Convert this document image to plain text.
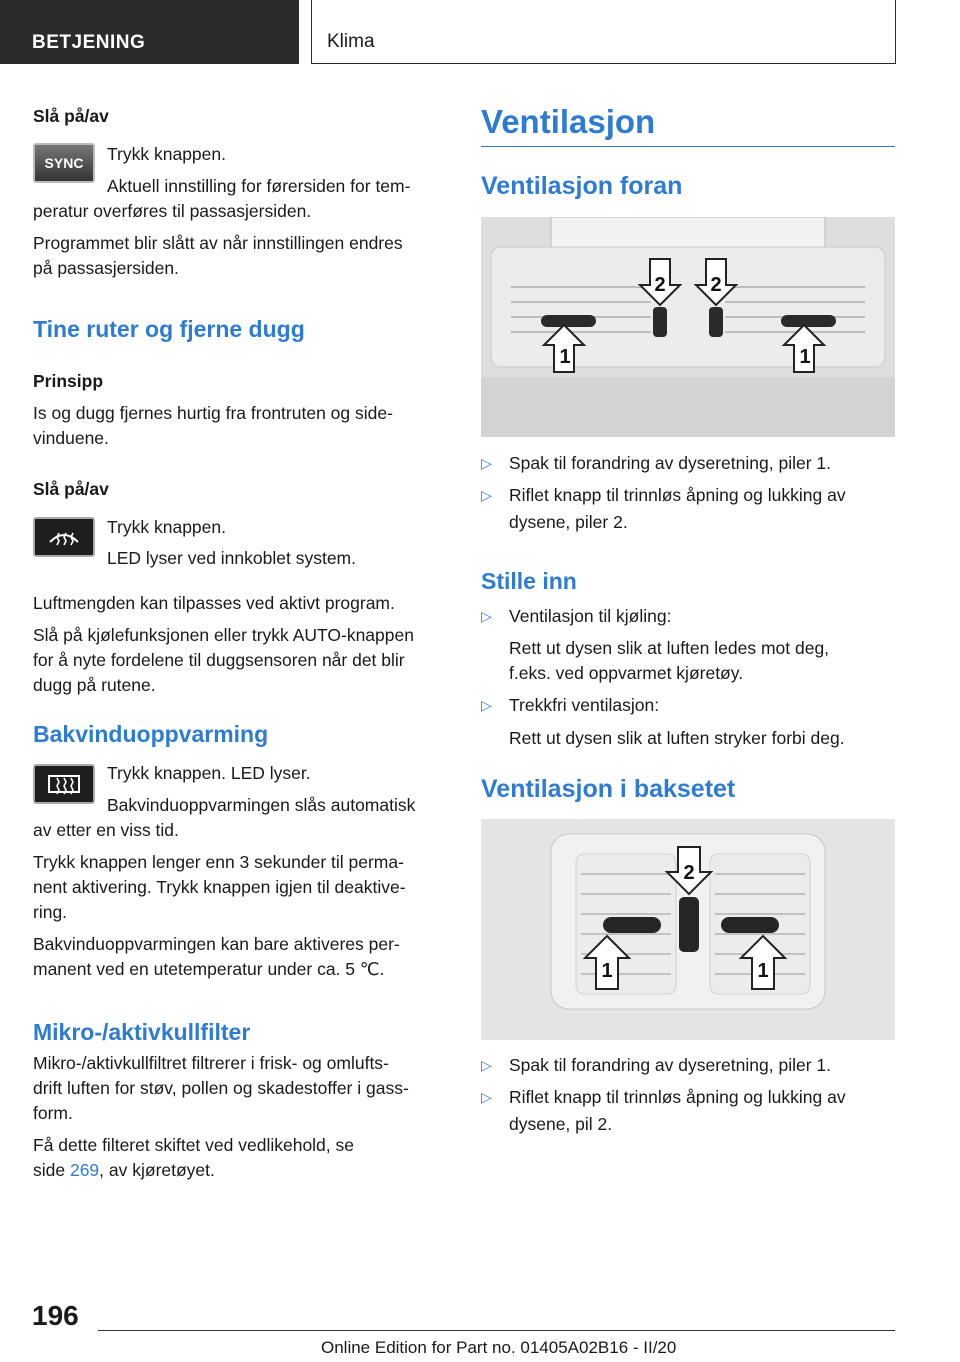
BETJENING	Klima
Slå på/av
SYNC Trykk knappen.
Aktuell innstilling for førersiden for tem-
peratur overføres til passasjersiden.
Programmet blir slått av når innstillingen endres
på passasjersiden.
Tine ruter og fjerne dugg
Prinsipp
Is og dugg fjernes hurtig fra frontruten og side-
vinduene.
Slå på/av
Trykk knappen.
LED lyser ved innkoblet system.
Luftmengden kan tilpasses ved aktivt program.
Slå på kjølefunksjonen eller trykk AUTO-knappen
for å nyte fordelene til duggsensoren når det blir
dugg på rutene.
Bakvinduoppvarming
Trykk knappen. LED lyser.
Bakvinduoppvarmingen slås automatisk
av etter en viss tid.
Trykk knappen lenger enn 3 sekunder til perma-
nent aktivering. Trykk knappen igjen til deaktive-
ring.
Bakvinduoppvarmingen kan bare aktiveres per-
manent ved en utetemperatur under ca. 5 ℃.
Mikro-/aktivkullfilter
Mikro-/aktivkullfiltret filtrerer i frisk- og omlufts-
drift luften for støv, pollen og skadestoffer i gass-
form.
Få dette filteret skiftet ved vedlikehold, se
side 269, av kjøretøyet.
Ventilasjon
Ventilasjon foran
1	1
2 2
▷ Spak til forandring av dyseretning, piler 1.
▷ Riflet knapp til trinnløs åpning og lukking av
dysene, piler 2.
Stille inn
▷ Ventilasjon til kjøling:
Rett ut dysen slik at luften ledes mot deg,
f.eks. ved oppvarmet kjøretøy.
▷ Trekkfri ventilasjon:
Rett ut dysen slik at luften stryker forbi deg.
Ventilasjon i baksetet
1	1
2
▷ Spak til forandring av dyseretning, piler 1.
▷ Riflet knapp til trinnløs åpning og lukking av
dysene, pil 2.
196
Online Edition for Part no. 01405A02B16 - II/20
